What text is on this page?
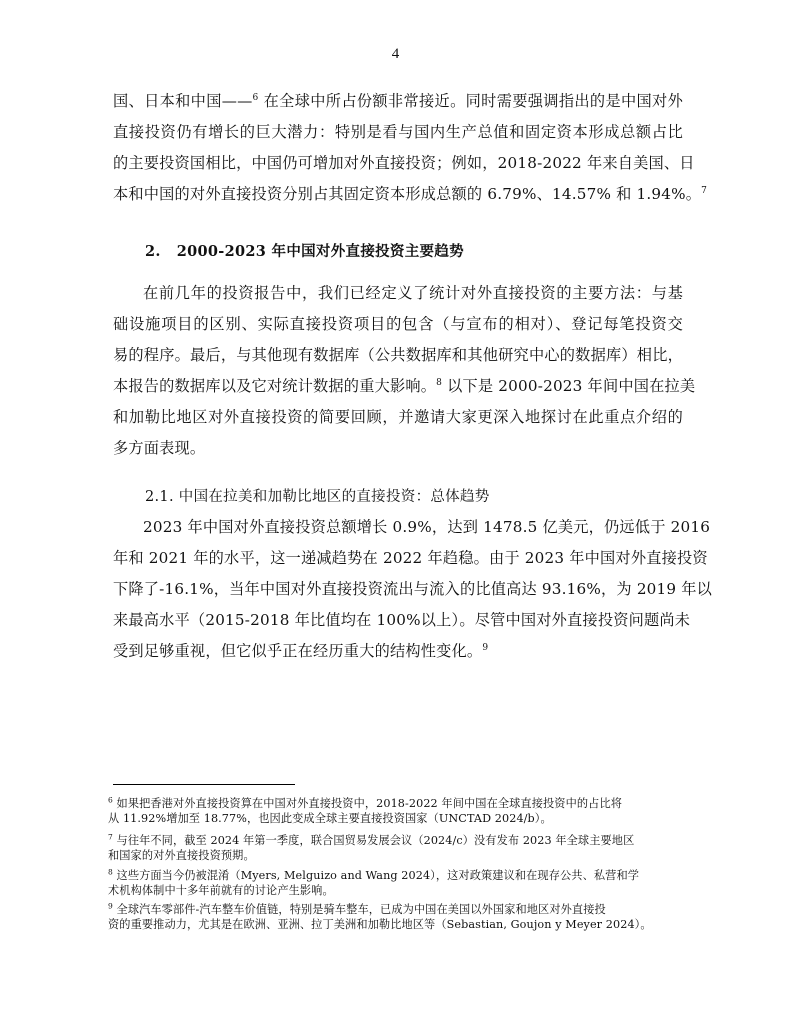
4
国、日本和中国——$^6$ 在全球中所占份额非常接近。同时需要强调指出的是中国对外
直接投资仍有增长的巨大潜力：特别是看与国内生产总值和固定资本形成总额占比
的主要投资国相比，中国仍可增加对外直接投资；例如，2018-2022 年来自美国、日
本和中国的对外直接投资分别占其固定资本形成总额的 6.79%、14.57% 和 1.94%。$^7$
2. 2000-2023 年中国对外直接投资主要趋势
在前几年的投资报告中，我们已经定义了统计对外直接投资的主要方法：与基
础设施项目的区别、实际直接投资项目的包含（与宣布的相对）、登记每笔投资交
易的程序。最后，与其他现有数据库（公共数据库和其他研究中心的数据库）相比，
本报告的数据库以及它对统计数据的重大影响。$^8$ 以下是 2000-2023 年间中国在拉美
和加勒比地区对外直接投资的简要回顾，并邀请大家更深入地探讨在此重点介绍的
多方面表现。
2.1. 中国在拉美和加勒比地区的直接投资：总体趋势
2023 年中国对外直接投资总额增长 0.9%，达到 1478.5 亿美元，仍远低于 2016
年和 2021 年的水平，这一递减趋势在 2022 年趋稳。由于 2023 年中国对外直接投资
下降了-16.1%，当年中国对外直接投资流出与流入的比值高达 93.16%，为 2019 年以
来最高水平（2015-2018 年比值均在 100%以上）。尽管中国对外直接投资问题尚未
受到足够重视，但它似乎正在经历重大的结构性变化。$^9$
$^6$ 如果把香港对外直接投资算在中国对外直接投资中，2018-2022 年间中国在全球直接投资中的占比将
从 11.92%增加至 18.77%，也因此变成全球主要直接投资国家（UNCTAD 2024/b）。
$^7$ 与往年不同，截至 2024 年第一季度，联合国贸易发展会议（2024/c）没有发布 2023 年全球主要地区
和国家的对外直接投资预期。
$^8$ 这些方面当今仍被混淆（Myers, Melguizo and Wang 2024），这对政策建议和在现存公共、私营和学
术机构体制中十多年前就有的讨论产生影响。
$^9$ 全球汽车零部件-汽车整车价值链，特别是骑车整车，已成为中国在美国以外国家和地区对外直接投
资的重要推动力，尤其是在欧洲、亚洲、拉丁美洲和加勒比地区等（Sebastian, Goujon y Meyer 2024）。
